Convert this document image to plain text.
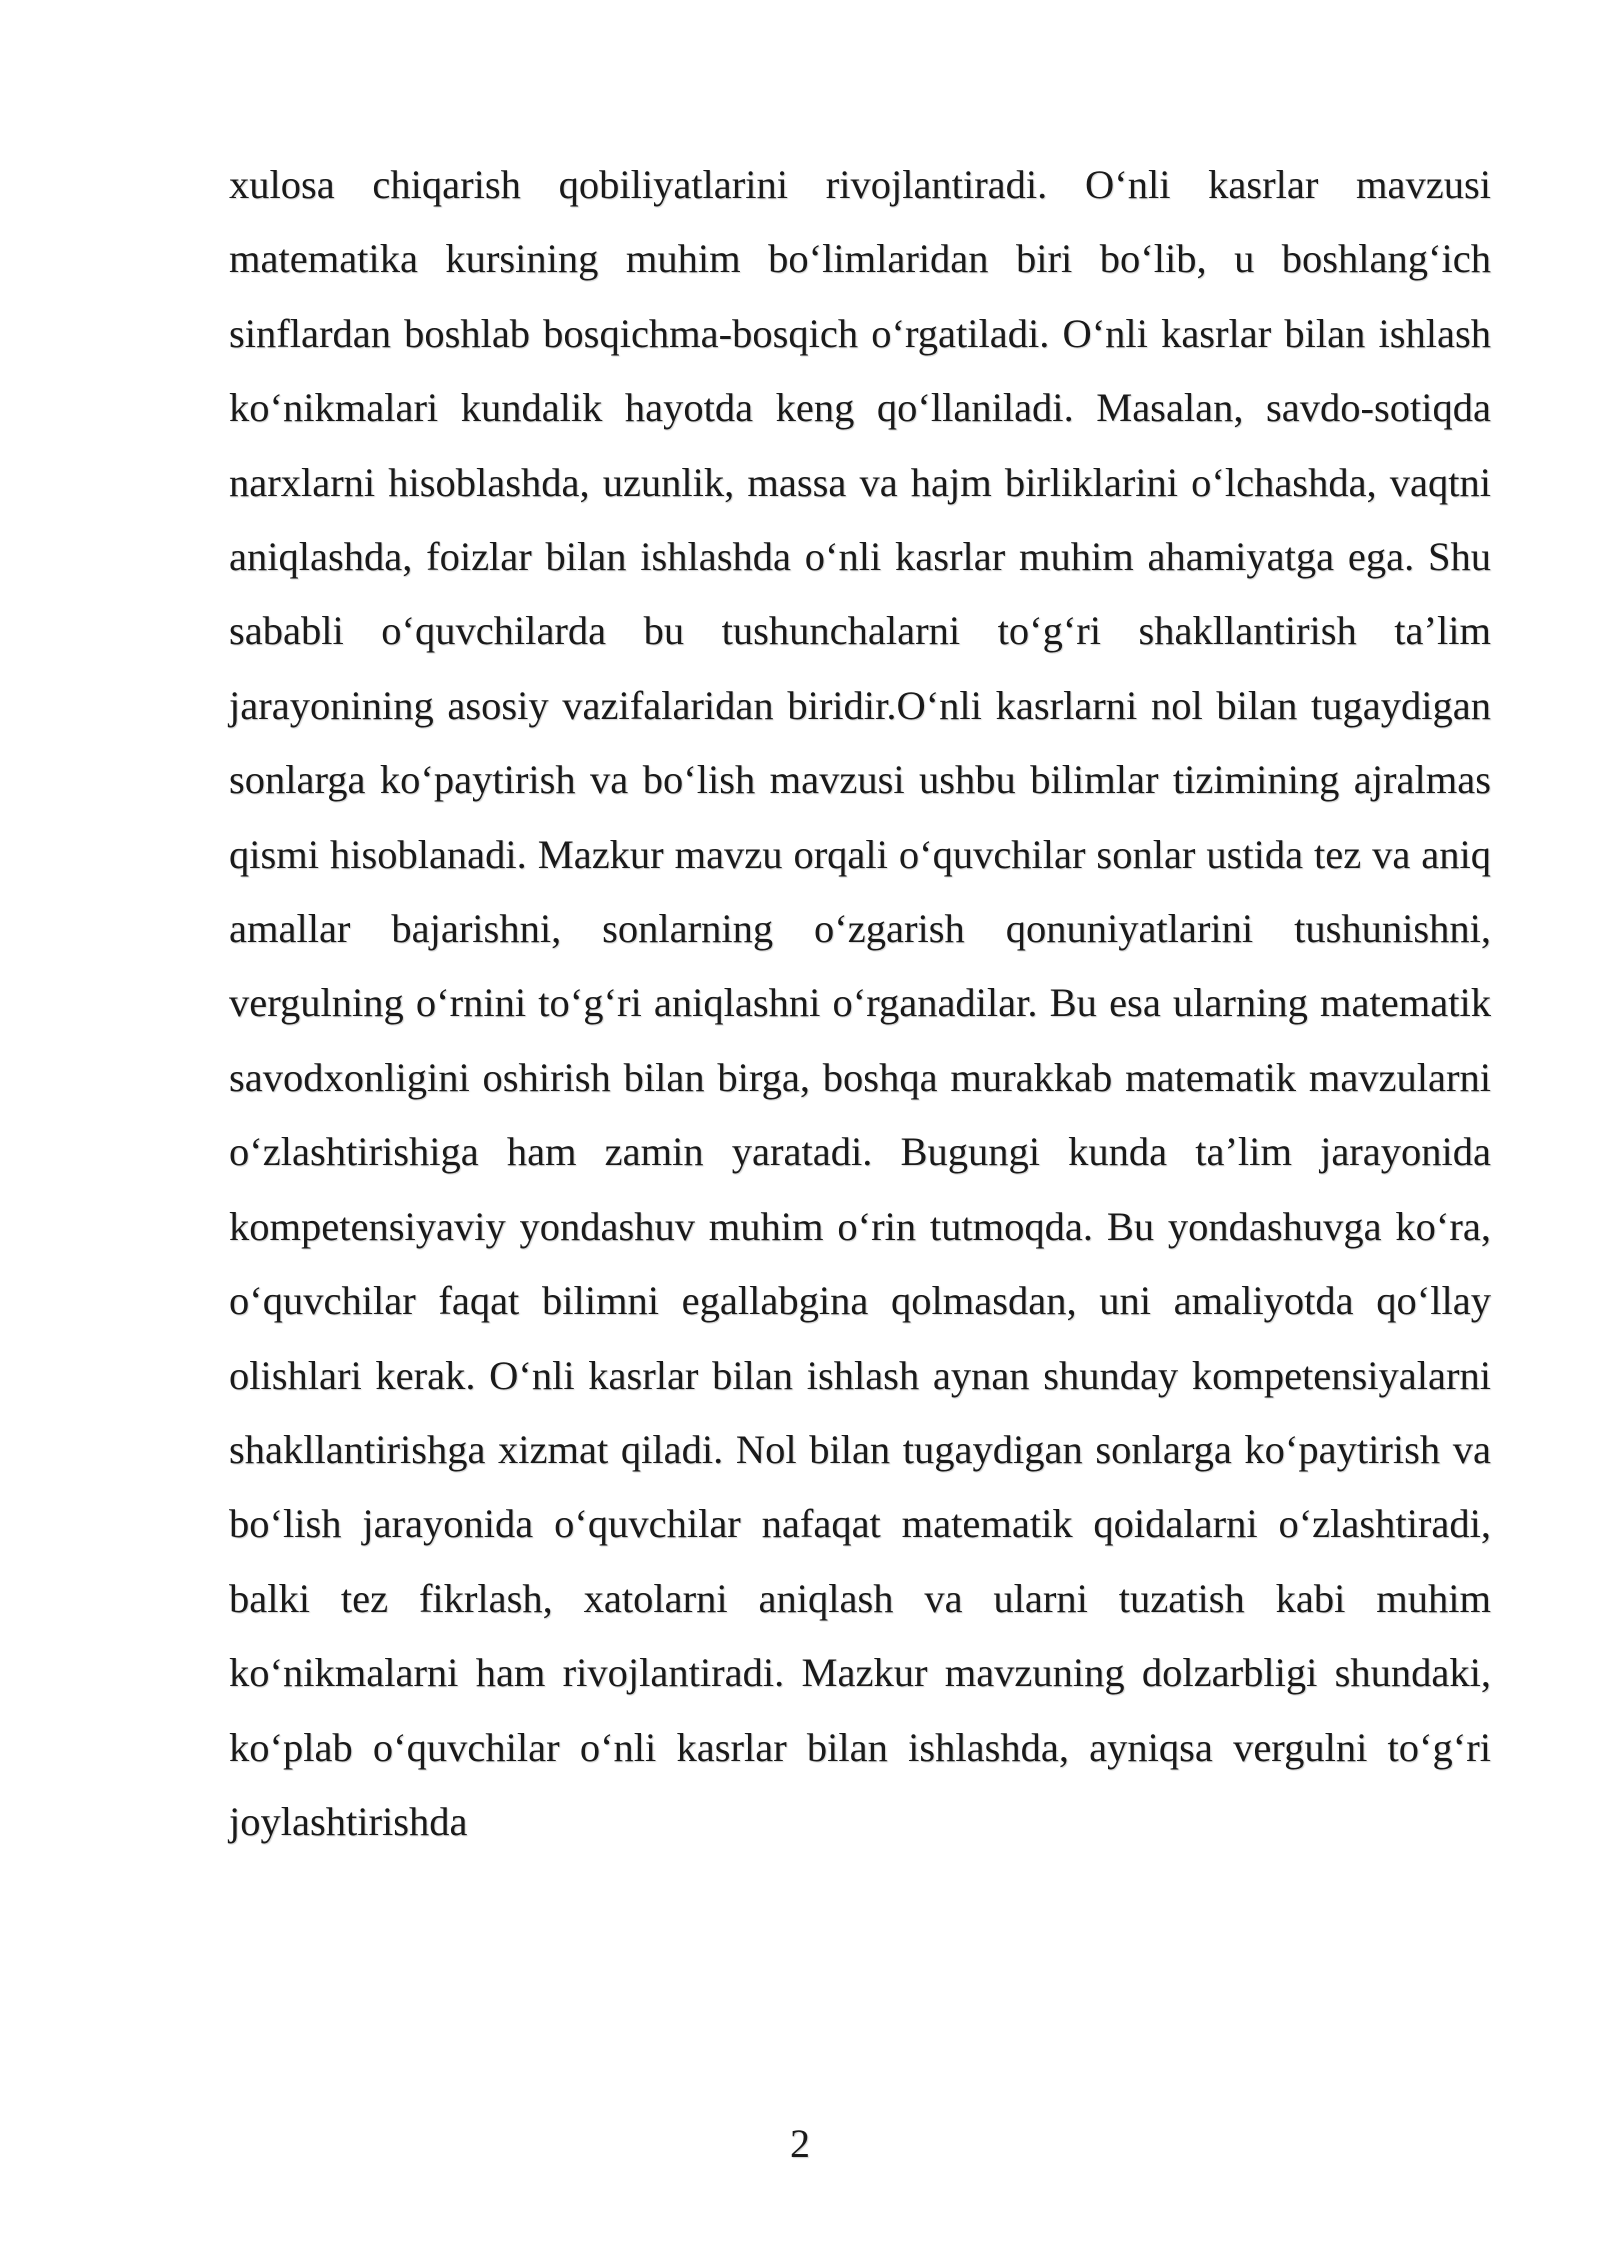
xulosa chiqarish qobiliyatlarini rivojlantiradi. O‘nli kasrlar mavzusi matematika kursining muhim bo‘limlaridan biri bo‘lib, u boshlang‘ich sinflardan boshlab bosqichma-bosqich o‘rgatiladi. O‘nli kasrlar bilan ishlash ko‘nikmalari kundalik hayotda keng qo‘llaniladi. Masalan, savdo-sotiqda narxlarni hisoblashda, uzunlik, massa va hajm birliklarini o‘lchashda, vaqtni aniqlashda, foizlar bilan ishlashda o‘nli kasrlar muhim ahamiyatga ega. Shu sababli o‘quvchilarda bu tushunchalarni to‘g‘ri shakllantirish ta’lim jarayonining asosiy vazifalaridan biridir.O‘nli kasrlarni nol bilan tugaydigan sonlarga ko‘paytirish va bo‘lish mavzusi ushbu bilimlar tizimining ajralmas qismi hisoblanadi. Mazkur mavzu orqali o‘quvchilar sonlar ustida tez va aniq amallar bajarishni, sonlarning o‘zgarish qonuniyatlarini tushunishni, vergulning o‘rnini to‘g‘ri aniqlashni o‘rganadilar. Bu esa ularning matematik savodxonligini oshirish bilan birga, boshqa murakkab matematik mavzularni o‘zlashtirishiga ham zamin yaratadi. Bugungi kunda ta’lim jarayonida kompetensiyaviy yondashuv muhim o‘rin tutmoqda. Bu yondashuvga ko‘ra, o‘quvchilar faqat bilimni egallabgina qolmasdan, uni amaliyotda qo‘llay olishlari kerak. O‘nli kasrlar bilan ishlash aynan shunday kompetensiyalarni shakllantirishga xizmat qiladi. Nol bilan tugaydigan sonlarga ko‘paytirish va bo‘lish jarayonida o‘quvchilar nafaqat matematik qoidalarni o‘zlashtiradi, balki tez fikrlash, xatolarni aniqlash va ularni tuzatish kabi muhim ko‘nikmalarni ham rivojlantiradi. Mazkur mavzuning dolzarbligi shundaki, ko‘plab o‘quvchilar o‘nli kasrlar bilan ishlashda, ayniqsa vergulni to‘g‘ri joylashtirishda

2
